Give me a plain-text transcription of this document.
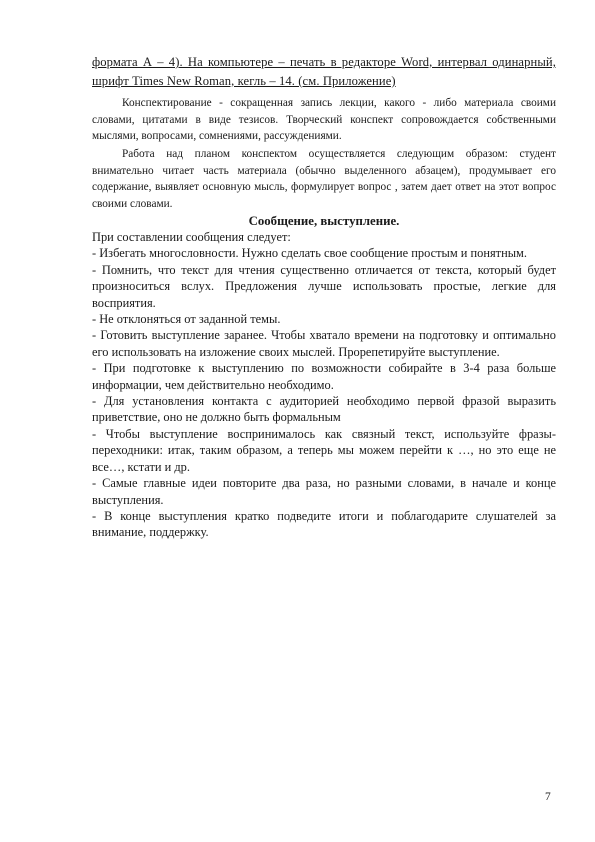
формата А – 4). На компьютере – печать в редакторе Word, интервал одинарный, шрифт Times New Roman, кегль – 14. (см. Приложение)
Конспектирование - сокращенная запись лекции, какого - либо материала своими словами, цитатами в виде тезисов. Творческий конспект сопровождается собственными мыслями, вопросами, сомнениями, рассуждениями.
Работа над планом конспектом осуществляется следующим образом: студент внимательно читает часть материала (обычно выделенного абзацем), продумывает его содержание, выявляет основную мысль, формулирует вопрос , затем дает ответ на этот вопрос своими словами.
Сообщение, выступление.
При составлении сообщения следует:
- Избегать многословности. Нужно сделать свое сообщение простым и понятным.
- Помнить, что текст для чтения существенно отличается от текста, который будет произноситься вслух. Предложения лучше использовать простые, легкие для восприятия.
- Не отклоняться от заданной темы.
- Готовить выступление заранее. Чтобы хватало времени на подготовку и оптимально его использовать на изложение своих мыслей. Прорепетируйте выступление.
- При подготовке к выступлению по возможности собирайте в 3-4 раза больше информации, чем действительно необходимо.
- Для установления контакта с аудиторией необходимо первой фразой выразить приветствие, оно не должно быть формальным
- Чтобы выступление воспринималось как связный текст, используйте фразы-переходники: итак, таким образом, а теперь мы можем перейти к …, но это еще не все…, кстати и др.
- Самые главные идеи повторите два раза, но разными словами, в начале и конце выступления.
- В конце выступления кратко подведите итоги и поблагодарите слушателей за внимание, поддержку.
7
